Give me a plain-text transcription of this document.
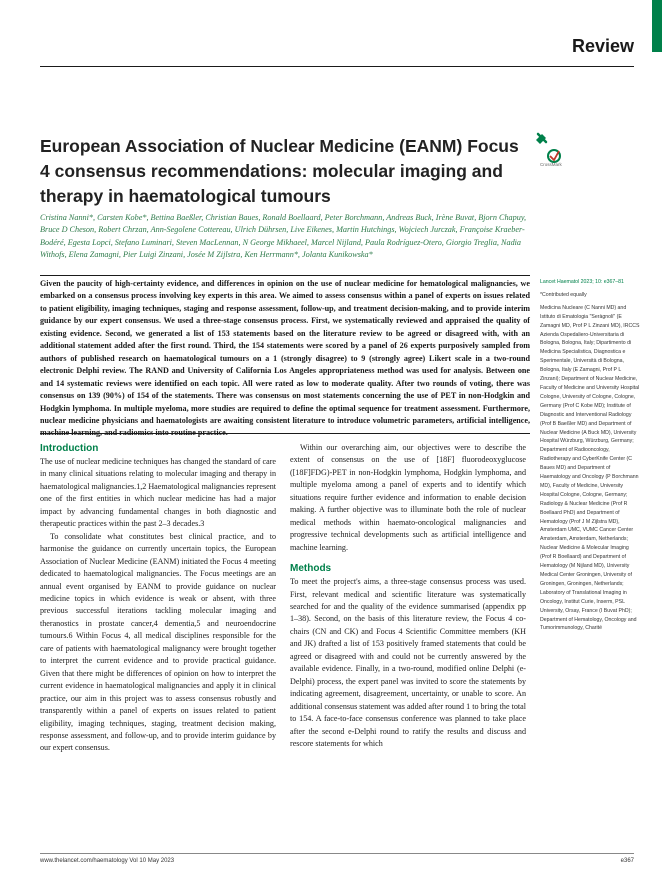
Review
European Association of Nuclear Medicine (EANM) Focus 4 consensus recommendations: molecular imaging and therapy in haematological tumours
CrossMark

Cristina Nanni*, Carsten Kobe*, Bettina Baeßler, Christian Baues, Ronald Boellaard, Peter Borchmann, Andreas Buck, Irène Buvat, Bjorn Chapuy, Bruce D Cheson, Robert Chrzan, Ann-Segolene Cottereau, Ulrich Dührsen, Live Eikenes, Martin Hutchings, Wojciech Jurczak, Françoise Kraeber-Bodéré, Egesta Lopci, Stefano Luminari, Steven MacLennan, N George Mikhaeel, Marcel Nijland, Paula Rodríguez-Otero, Giorgio Treglia, Nadia Withofs, Elena Zamagni, Pier Luigi Zinzani, Josée M Zijlstra, Ken Herrmann*, Jolanta Kunikowska*

Given the paucity of high-certainty evidence, and differences in opinion on the use of nuclear medicine for hematological malignancies, we embarked on a consensus process involving key experts in this area. We aimed to assess consensus within a panel of experts on issues related to patient eligibility, imaging techniques, staging and response assessment, follow-up, and treatment decision-making, and to provide interim guidance by our expert consensus. We used a three-stage consensus process. First, we systematically reviewed and appraised the quality of existing evidence. Second, we generated a list of 153 statements based on the literature review to be agreed or disagreed with, with an additional statement added after the first round. Third, the 154 statements were scored by a panel of 26 experts purposively sampled from authors of published research on haematological tumours on a 1 (strongly disagree) to 9 (strongly agree) Likert scale in a two-round electronic Delphi review. The RAND and University of California Los Angeles appropriateness method was used for analysis. Between one and 14 systematic reviews were identified on each topic. All were rated as low to moderate quality. After two rounds of voting, there was consensus on 139 (90%) of 154 of the statements. There was consensus on most statements concerning the use of PET in non-Hodgkin and Hodgkin lymphoma. In multiple myeloma, more studies are required to define the optimal sequence for treatment assessment. Furthermore, nuclear medicine physicians and haematologists are awaiting consistent literature to introduce volumetric parameters, artificial intelligence, machine learning, and radiomics into routine practice.

Introduction

The use of nuclear medicine techniques has changed the standard of care in many clinical situations relating to molecular imaging and therapy in haematological malignancies.1,2 Haematological malignancies represent one of the first entities in which nuclear medicine has had a major impact by advancing fundamental changes in both diagnostic and therapeutic practices within the past 2–3 decades.3

To consolidate what constitutes best clinical practice, and to harmonise the guidance on currently uncertain topics, the European Association of Nuclear Medicine (EANM) initiated the Focus 4 meeting dedicated to haematological malignancies. The Focus meetings are an annual event organised by EANM to provide guidance on nuclear medicine topics in which evidence is weak or absent, with three previous successful iterations tackling molecular imaging and theranostics in prostate cancer,4 dementia,5 and neuroendocrine tumours.6 Within Focus 4, all medical disciplines responsible for the care of patients with haematological malignancy were brought together to interpret the current evidence and to provide practical guidance. Given that there might be differences of opinion on how to interpret the current evidence in haematological malignancies and apply it in clinical practice, our aim in this project was to assess consensus robustly and transparently within a panel of experts on issues related to patient eligibility, imaging techniques, staging, treatment decision making, response assessment, and follow-up, and to provide interim guidance by our expert consensus.

Within our overarching aim, our objectives were to describe the extent of consensus on the use of [18F] fluorodeoxyglucose ([18F]FDG)-PET in non-Hodgkin lymphoma, Hodgkin lymphoma, and multiple myeloma among a panel of experts and to identify which situations require further evidence and information to enable decision making. A further objective was to illuminate both the role of nuclear medical methods within haemato-oncological malignancies and progressive technical developments such as artificial intelligence and machine learning.

Methods

To meet the project's aims, a three-stage consensus process was used. First, relevant medical and scientific literature was systematically searched for and the quality of the evidence summarised (appendix pp 1–38). Second, on the basis of this literature review, the Focus 4 co-chairs (CN and CK) and Focus 4 Scientific Committee members (KH and JK) drafted a list of 153 positively framed statements that could be agreed or disagreed with and could not be currently answered by the available evidence. Finally, in a two-round, modified online Delphi (e-Delphi) process, the expert panel was invited to score the statements by indicating agreement, disagreement, uncertainty, or unable to score. An additional consensus statement was added after round 1 to bring the total to 154. A face-to-face consensus conference was planned to take place after the second e-Delphi round to ratify the results and discuss and rescore statements for which

Lancet Haematol 2023; 10: e367–81

*Contributed equally

Medicina Nucleare (C Nanni MD) and Istituto di Ematologia "Seràgnoli" (E Zamagni MD, Prof P L Zinzani MD), IRCCS Azienda Ospedaliero-Universitaria di Bologna, Bologna, Italy; Dipartimento di Medicina Specialistica, Diagnostica e Sperimentale, Università di Bologna, Bologna, Italy (E Zamagni, Prof P L Zinzani); Department of Nuclear Medicine, Faculty of Medicine and University Hospital Cologne, University of Cologne, Cologne, Germany (Prof C Kobe MD); Institute of Diagnostic and Interventional Radiology (Prof B Baeßler MD) and Department of Nuclear Medicine (A Buck MD), University Hospital Würzburg, Würzburg, Germany; Department of Radiooncology, Radiotherapy and CyberKnife Center (C Baues MD) and Department of Haematology and Oncology (P Borchmann MD), Faculty of Medicine, University Hospital Cologne, Cologne, Germany; Radiology & Nuclear Medicine (Prof R Boellaard PhD) and Department of Hematology (Prof J M Zijlstra MD), Amsterdam UMC, VUMC Cancer Center Amsterdam, Amsterdam, Netherlands; Nuclear Medicine & Molecular Imaging (Prof R Boellaard) and Department of Hematology (M Nijland MD), University Medical Center Groningen, University of Groningen, Groningen, Netherlands; Laboratory of Translational Imaging in Oncology, Institut Curie, Inserm, PSL University, Orsay, France (I Buvat PhD); Department of Hematology, Oncology and Tumorimmunology, Charité

www.thelancet.com/haematology Vol 10 May 2023	e367
